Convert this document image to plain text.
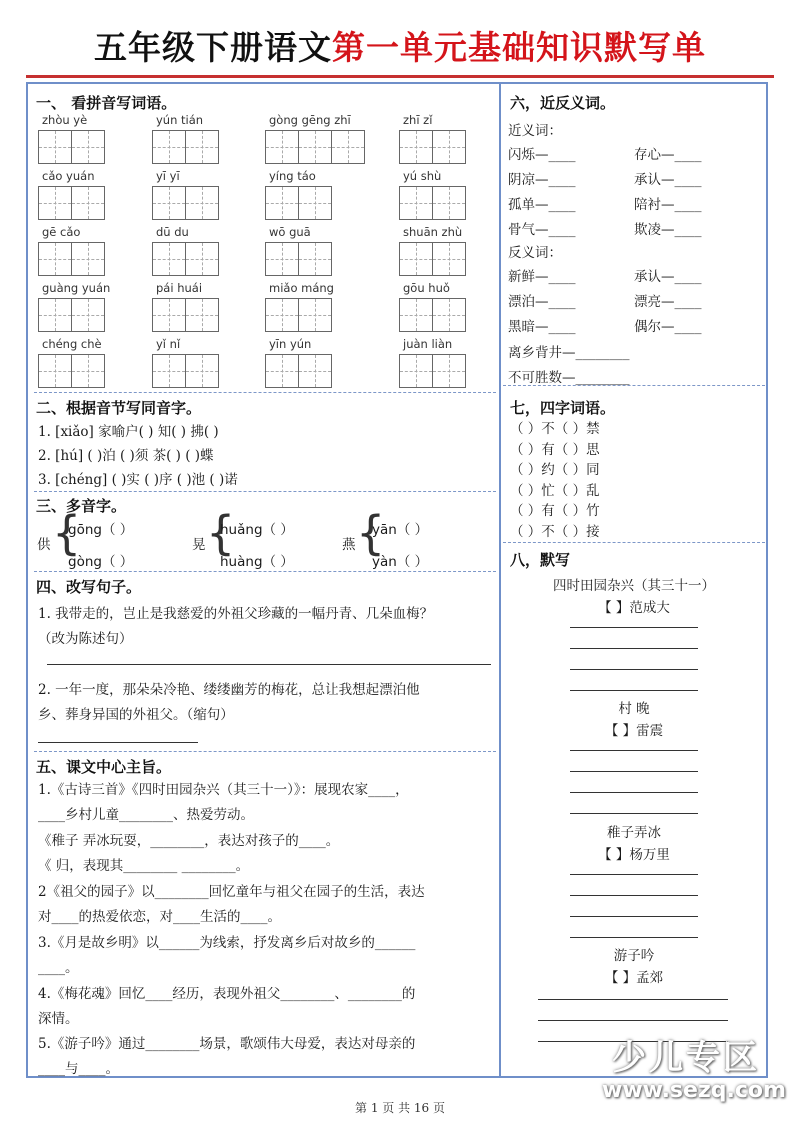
五年级下册语文第一单元基础知识默写单
一、 看拼音写词语。
zhòu yè	yún tián	gòng gēng zhī	zhī zǐ
cǎo yuán	yī yī	yíng táo	yú shù
gē cǎo	dū du	wō guā	shuān zhù
guàng yuán	pái huái	miǎo máng	gōu huǒ
chéng chè	yǐ nǐ	yīn yún	juàn liàn
二、根据音节写同音字。
1. [xiǎo] 家喻户( ) 知( ) 拂( )
2. [hú] ( )泊 ( )须 茶( ) ( )蝶
3. [chéng] ( )实 ( )序 ( )池 ( )诺
三、多音字。
供 {
gōng（ ）
gòng（ ）
晃 {
huǎng（ ）
huàng（ ）
燕 {
yān（ ）
yàn（ ）
四、改写句子。
1. 我带走的，岂止是我慈爱的外祖父珍藏的一幅丹青、几朵血梅？
（改为陈述句）
2. 一年一度，那朵朵冷艳、缕缕幽芳的梅花，总让我想起漂泊他
乡、葬身异国的外祖父。（缩句）
五、课文中心主旨。
1.《古诗三首》《四时田园杂兴（其三十一）》：展现农家____，
____乡村儿童________、热爱劳动。
《稚子 弄冰玩耍，________，表达对孩子的____。
《 归，表现其________ ________。
2《祖父的园子》以________回忆童年与祖父在园子的生活，表达
对____的热爱依恋，对____生活的____。
3.《月是故乡明》以______为线索，抒发离乡后对故乡的______
____。
4.《梅花魂》回忆____经历，表现外祖父________、________的
深情。
5.《游子吟》通过________场景，歌颂伟大母爱，表达对母亲的
____与____。
六，近反义词。
近义词：
闪烁—____	存心—____
阴凉—____	承认—____
孤单—____	陪衬—____
骨气—____	欺凌—____
反义词：
新鲜—____	承认—____
漂泊—____	漂亮—____
黑暗—____	偶尔—____
离乡背井—________
不可胜数—________
七，四字词语。
（ ）不（ ）禁
（ ）有（ ）思
（ ）约（ ）同
（ ）忙（ ）乱
（ ）有（ ）竹
（ ）不（ ）接
八，默写
四时田园杂兴（其三十一）
【 】范成大
村 晚
【 】雷震
稚子弄冰
【 】杨万里
游子吟
【 】孟郊
第 1 页 共 16 页
少儿专区
www.sezq.com
